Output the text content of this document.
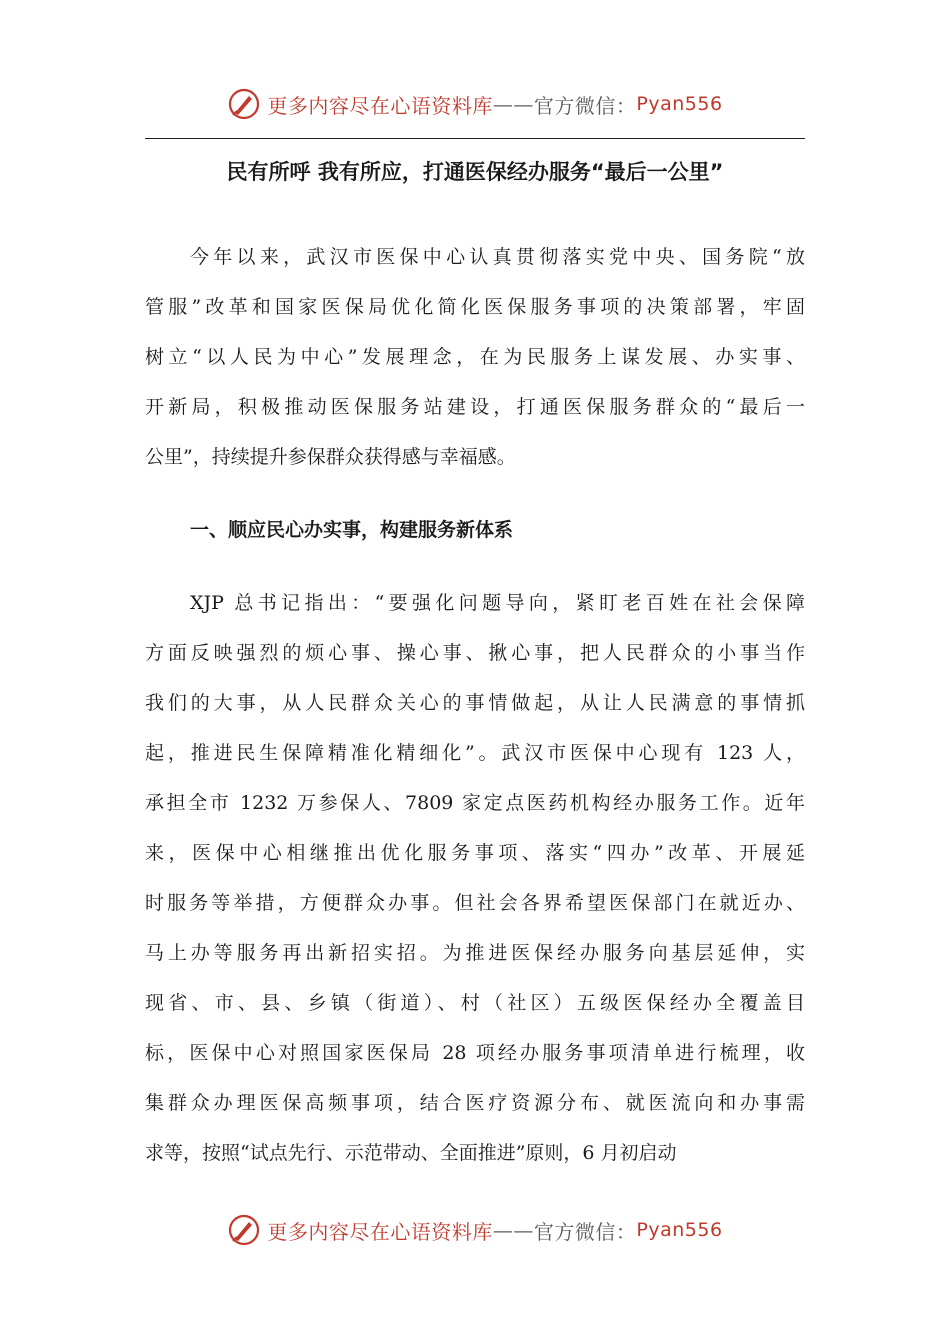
更多内容尽在心语资料库 —— 官方微信： Pyan556
民有所呼 我有所应，打通医保经办服务“最后一公里”
今年以来，武汉市医保中心认真贯彻落实党中央、国务院“放
管服”改革和国家医保局优化简化医保服务事项的决策部署，牢固
树立“以人民为中心”发展理念，在为民服务上谋发展、办实事、
开新局，积极推动医保服务站建设，打通医保服务群众的“最后一
公里”，持续提升参保群众获得感与幸福感。
一、顺应民心办实事，构建服务新体系
XJP 总书记指出：“要强化问题导向，紧盯老百姓在社会保障
方面反映强烈的烦心事、操心事、揪心事，把人民群众的小事当作
我们的大事，从人民群众关心的事情做起，从让人民满意的事情抓
起，推进民生保障精准化精细化”。武汉市医保中心现有 123 人，
承担全市 1232 万参保人、7809 家定点医药机构经办服务工作。近年
来，医保中心相继推出优化服务事项、落实“四办”改革、开展延
时服务等举措，方便群众办事。但社会各界希望医保部门在就近办、
马上办等服务再出新招实招。为推进医保经办服务向基层延伸，实
现省、市、县、乡镇（街道）、村（社区）五级医保经办全覆盖目
标，医保中心对照国家医保局 28 项经办服务事项清单进行梳理，收
集群众办理医保高频事项，结合医疗资源分布、就医流向和办事需
求等，按照“试点先行、示范带动、全面推进”原则，6 月初启动
更多内容尽在心语资料库 —— 官方微信： Pyan556
